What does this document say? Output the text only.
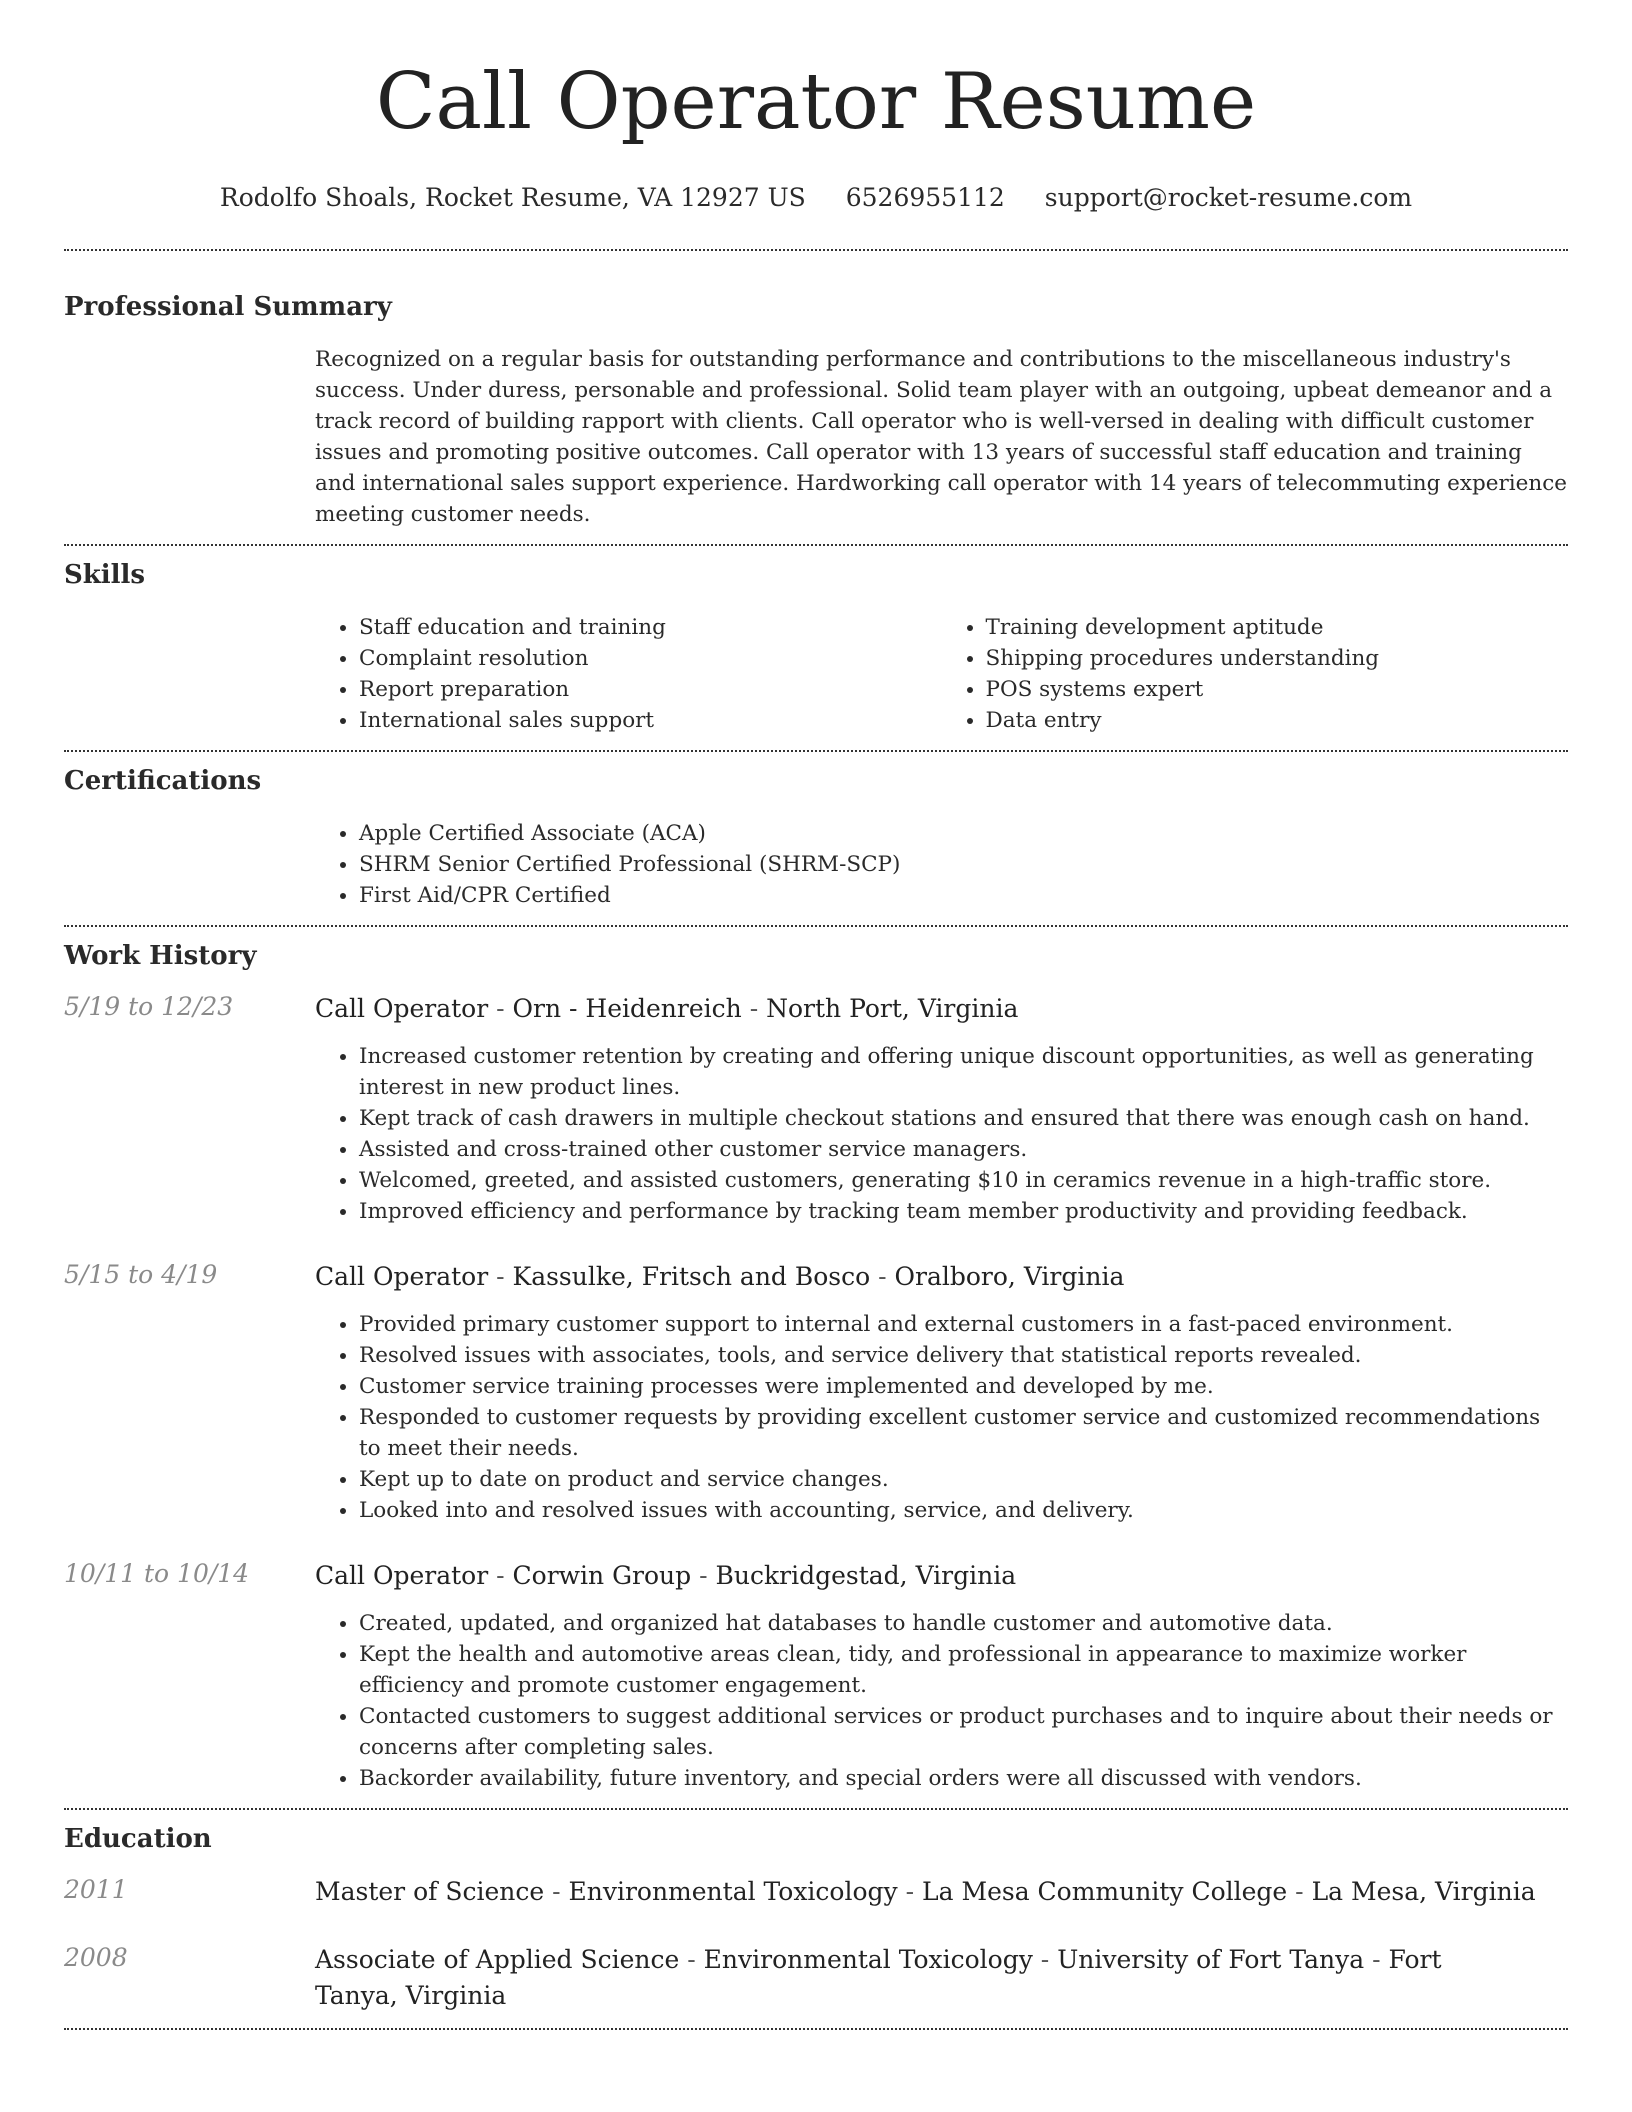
Call Operator Resume
Rodolfo Shoals, Rocket Resume, VA 12927 US 6526955112 support@rocket-resume.com
Professional Summary

Recognized on a regular basis for outstanding performance and contributions to the miscellaneous industry's success. Under duress, personable and professional. Solid team player with an outgoing, upbeat demeanor and a track record of building rapport with clients. Call operator who is well-versed in dealing with difficult customer issues and promoting positive outcomes. Call operator with 13 years of successful staff education and training and international sales support experience. Hardworking call operator with 14 years of telecommuting experience meeting customer needs.

Skills
• Staff education and training
• Complaint resolution
• Report preparation
• International sales support
• Training development aptitude
• Shipping procedures understanding
• POS systems expert
• Data entry
Certifications
• Apple Certified Associate (ACA)
• SHRM Senior Certified Professional (SHRM-SCP)
• First Aid/CPR Certified
Work History
5/19 to 12/23	Call Operator - Orn - Heidenreich - North Port, Virginia
• Increased customer retention by creating and offering unique discount opportunities, as well as generating interest in new product lines.
• Kept track of cash drawers in multiple checkout stations and ensured that there was enough cash on hand.
• Assisted and cross-trained other customer service managers.
• Welcomed, greeted, and assisted customers, generating $10 in ceramics revenue in a high-traffic store.
• Improved efficiency and performance by tracking team member productivity and providing feedback.
5/15 to 4/19	Call Operator - Kassulke, Fritsch and Bosco - Oralboro, Virginia
• Provided primary customer support to internal and external customers in a fast-paced environment.
• Resolved issues with associates, tools, and service delivery that statistical reports revealed.
• Customer service training processes were implemented and developed by me.
• Responded to customer requests by providing excellent customer service and customized recommendations to meet their needs.
• Kept up to date on product and service changes.
• Looked into and resolved issues with accounting, service, and delivery.
10/11 to 10/14	Call Operator - Corwin Group - Buckridgestad, Virginia
• Created, updated, and organized hat databases to handle customer and automotive data.
• Kept the health and automotive areas clean, tidy, and professional in appearance to maximize worker efficiency and promote customer engagement.
• Contacted customers to suggest additional services or product purchases and to inquire about their needs or concerns after completing sales.
• Backorder availability, future inventory, and special orders were all discussed with vendors.
Education
2011	Master of Science - Environmental Toxicology - La Mesa Community College - La Mesa, Virginia
2008	Associate of Applied Science - Environmental Toxicology - University of Fort Tanya - Fort Tanya, Virginia
